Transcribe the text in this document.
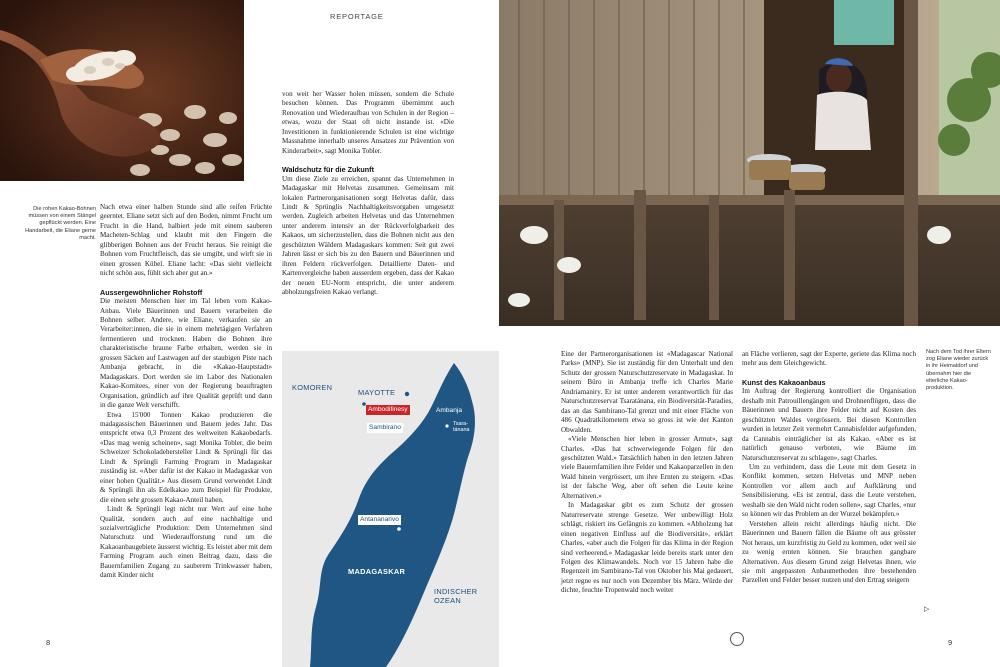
REPORTAGE
8	9
Die rohen Kakao-Bohnen müssen von einem Stängel gepflückt werden. Eine Handarbeit, die Eliane gerne macht.
Nach dem Tod ihrer Eltern zog Eliane wieder zurück in ihr Heimatdorf und übernahm hier die elterliche Kakao-produktion.

Nach etwa einer halben Stunde sind alle reifen Früchte geerntet. Eliane setzt sich auf den Boden, nimmt Frucht um Frucht in die Hand, halbiert jede mit einem sauberen Macheten-Schlag und klaubt mit den Fingern die glibberigen Bohnen aus der Frucht heraus. Sie reinigt die Bohnen vom Fruchtfleisch, das sie umgibt, und wirft sie in einen grossen Kübel. Eliane lacht: «Das sieht vielleicht nicht schön aus, fühlt sich aber gut an.»

Aussergewöhnlicher Rohstoff

Die meisten Menschen hier im Tal leben vom Kakao-Anbau. Viele Bäuerinnen und Bauern verarbeiten die Bohnen selber. Andere, wie Eliane, verkaufen sie an Verarbeiter:innen, die sie in einem mehrtägigen Verfahren fermentieren und trocknen. Haben die Bohnen ihre charakteristische braune Farbe erhalten, werden sie in grossen Säcken auf Lastwagen auf der staubigen Piste nach Ambanja gebracht, in die «Kakao-Hauptstadt» Madagaskars. Dort werden sie im Labor des Nationalen Kakao-Komitees, einer von der Regierung beauftragten Organisation, gründlich auf ihre Qualität geprüft und dann in die ganze Welt verschifft.

Etwa 15'000 Tonnen Kakao produzieren die madagassischen Bäuerinnen und Bauern jedes Jahr. Das entspricht etwa 0,3 Prozent des weltweiten Kakaobedarfs. «Das mag wenig scheinen», sagt Monika Tobler, die beim Schweizer Schokoladehersteller Lindt & Sprüngli für das Lindt & Sprüngli Farming Program in Madagaskar zuständig ist. «Aber dafür ist der Kakao in Madagaskar von einer hohen Qualität.» Aus diesem Grund verwendet Lindt & Sprüngli ihn als Edelkakao zum Beispiel für Produkte, die einen sehr grossen Kakao-Anteil haben.

Lindt & Sprüngli legt nicht nur Wert auf eine hohe Qualität, sondern auch auf eine nachhaltige und sozialverträgliche Produktion: Dem Unternehmen sind Naturschutz und Wiederaufforstung rund um die Kakaoanbaugebiete äusserst wichtig. Es leistet aber mit dem Farming Program auch einen Beitrag dazu, dass die Bauernfamilien Zugang zu sauberem Trinkwasser haben, damit Kinder nicht

von weit her Wasser holen müssen, sondern die Schule besuchen können. Das Programm übernimmt auch Renovation und Wiederaufbau von Schulen in der Region – etwas, wozu der Staat oft nicht instande ist. «Die Investitionen in funktionierende Schulen ist eine wichtige Massnahme innerhalb unseres Ansatzes zur Prävention von Kinderarbeit», sagt Monika Tobler.

Waldschutz für die Zukunft

Um diese Ziele zu erreichen, spannt das Unternehmen in Madagaskar mit Helvetas zusammen. Gemeinsam mit lokalen Partnerorganisationen sorgt Helvetas dafür, dass Lindt & Sprünglis Nachhaltigkeitsvorgaben umgesetzt werden. Zugleich arbeiten Helvetas und das Unternehmen unter anderem intensiv an der Rückverfolgbarkeit des Kakaos, um sicherzustellen, dass die Bohnen nicht aus den geschützten Wäldern Madagaskars kommen: Seit gut zwei Jahren lässt er sich bis zu den Bauern und Bäuerinnen und ihren Feldern rückverfolgen. Detaillierte Daten- und Kartenvergleiche haben ausserdem ergeben, dass der Kakao der neuen EU-Norm entspricht, die unter anderem abholzungsfreien Kakao verlangt.

Eine der Partnerorganisationen ist «Madagascar National Parks» (MNP). Sie ist zuständig für den Unterhalt und den Schutz der grossen Naturschutzreservate in Madagaskar. In seinem Büro in Ambanja treffe ich Charles Marie Andriamaniry. Er ist unter anderem verantwortlich für das Naturschutzreservat Tsaratánana, ein Biodiversität-Paradies, das an das Sambirano-Tal grenzt und mit einer Fläche von 486 Quadratkilometern etwa so gross ist wie der Kanton Obwalden.

«Viele Menschen hier leben in grosser Armut», sagt Charles. «Das hat schwerwiegende Folgen für den geschützten Wald.» Tatsächlich haben in den letzten Jahren viele Bauernfamilien ihre Felder und Kakaoparzellen in den Wald hinein vergrössert, um ihre Ernten zu steigern. «Das ist der falsche Weg, aber oft sehen die Leute keine Alternativen.»

In Madagaskar gibt es zum Schutz der grossen Naturreservate strenge Gesetze. Wer unbewilligt Holz schlägt, riskiert ins Gefängnis zu kommen. «Abholzung hat einen negativen Einfluss auf die Biodiversität», erklärt Charles, «aber auch die Folgen für das Klima in der Region sind verheerend.» Madagaskar leide bereits stark unter den Folgen des Klimawandels. Noch vor 15 Jahren habe die Regenzeit im Sambirano-Tal von Oktober bis Mai gedauert, jetzt regne es nur noch von Dezember bis März. Würde der dichte, feuchte Tropenwald noch weiter

an Fläche verlieren, sagt der Experte, geriete das Klima noch mehr aus dem Gleichgewicht.

Kunst des Kakaoanbaus

Im Auftrag der Regierung kontrolliert die Organisation deshalb mit Patrouillengängen und Drohnenflügen, dass die Bäuerinnen und Bauern ihre Felder nicht auf Kosten des geschützten Waldes vergrössern. Bei diesen Kontrollen wurden in letzter Zeit vermehrt Cannabisfelder aufgefunden, da Cannabis einträglicher ist als Kakao. «Aber es ist natürlich genauso verboten, wie Bäume im Naturschutzreservat zu schlagen», sagt Charles.

Um zu verhindern, dass die Leute mit dem Gesetz in Konflikt kommen, setzen Helvetas und MNP neben Kontrollen vor allem auch auf Aufklärung und Sensibilisierung. «Es ist zentral, dass die Leute verstehen, weshalb sie den Wald nicht roden sollen», sagt Charles, «nur so können wir das Problem an der Wurzel bekämpfen.»

Verstehen allein reicht allerdings häufig nicht. Die Bäuerinnen und Bauern fällen die Bäume oft aus grösster Not heraus, um kurzfristig zu Geld zu kommen, oder weil sie zu wenig ernten können. Sie brauchen gangbare Alternativen. Aus diesem Grund zeigt Helvetas ihnen, wie sie mit angepassten Anbaumethoden ihre bestehenden Parzellen und Felder besser nutzen und den Ertrag steigern

▷
KOMOREN
MAYOTTE
Ambodifinesy	Ambanja
Sambirano	Tsara-tánana
Antananarivo
MADAGASKAR
INDISCHER OZEAN
